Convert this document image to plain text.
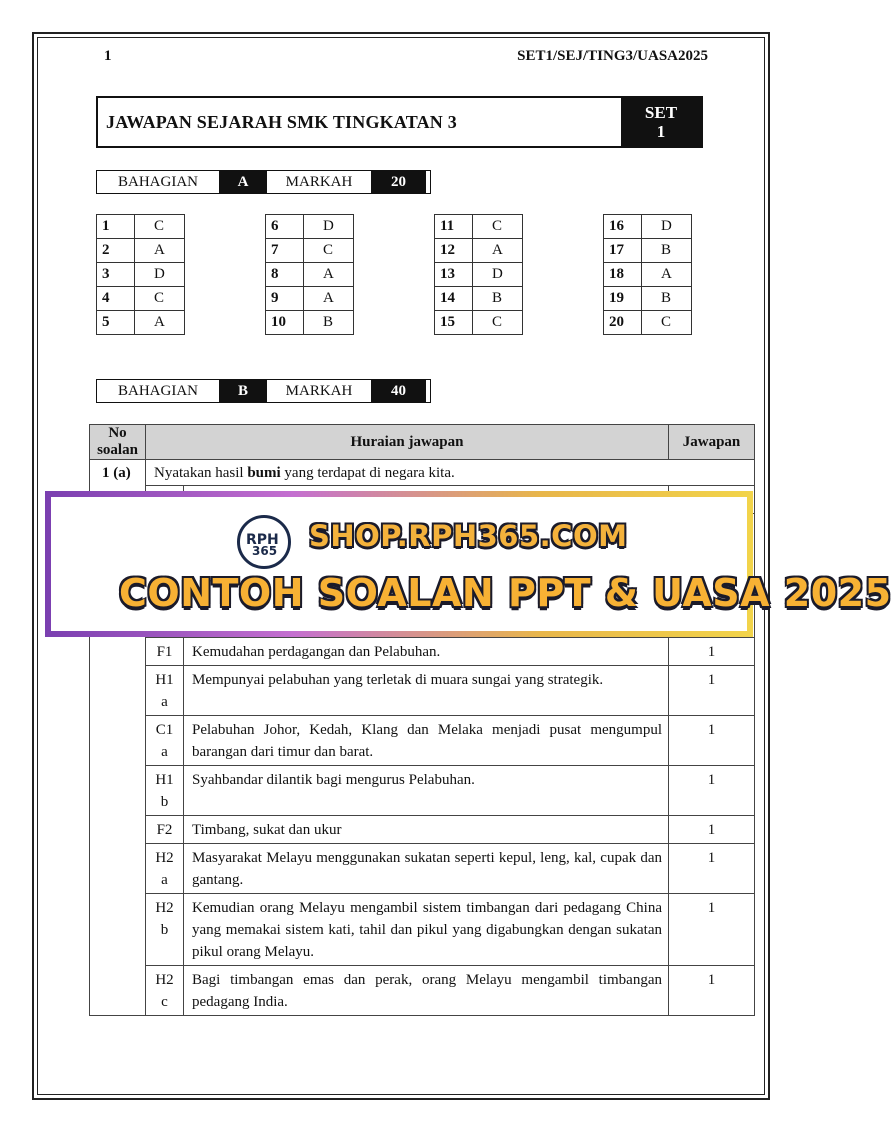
1	SET1/SEJ/TING3/UASA2025
JAWAPAN SEJARAH SMK TINGKATAN 3	SET
1
BAHAGIAN	A	MARKAH	20
1	C
2	A
3	D
4	C
5	A
6	D
7	C
8	A
9	A
10	B
11	C
12	A
13	D
14	B
15	C
16	D
17	B
18	A
19	B
20	C
BAHAGIAN	B	MARKAH	40
No soalan	Huraian jawapan		Jawapan
1 (a)	Nyatakan hasil bumi yang terdapat di negara kita.		

	F1	Kemudahan perdagangan dan Pelabuhan.	1
	H1 a	Mempunyai pelabuhan yang terletak di muara sungai yang strategik.	1
	C1 a	Pelabuhan Johor, Kedah, Klang dan Melaka menjadi pusat mengumpul barangan dari timur dan barat.	1
	H1 b	Syahbandar dilantik bagi mengurus Pelabuhan.	1
	F2	Timbang, sukat dan ukur	1
	H2 a	Masyarakat Melayu menggunakan sukatan seperti kepul, leng, kal, cupak dan gantang.	1
	H2 b	Kemudian orang Melayu mengambil sistem timbangan dari pedagang China yang memakai sistem kati, tahil dan pikul yang digabungkan dengan sukatan pikul orang Melayu.	1
	H2 c	Bagi timbangan emas dan perak, orang Melayu mengambil timbangan pedagang India.	1
RPH
365 SHOP.RPH365.COM
CONTOH SOALAN PPT & UASA 2025
